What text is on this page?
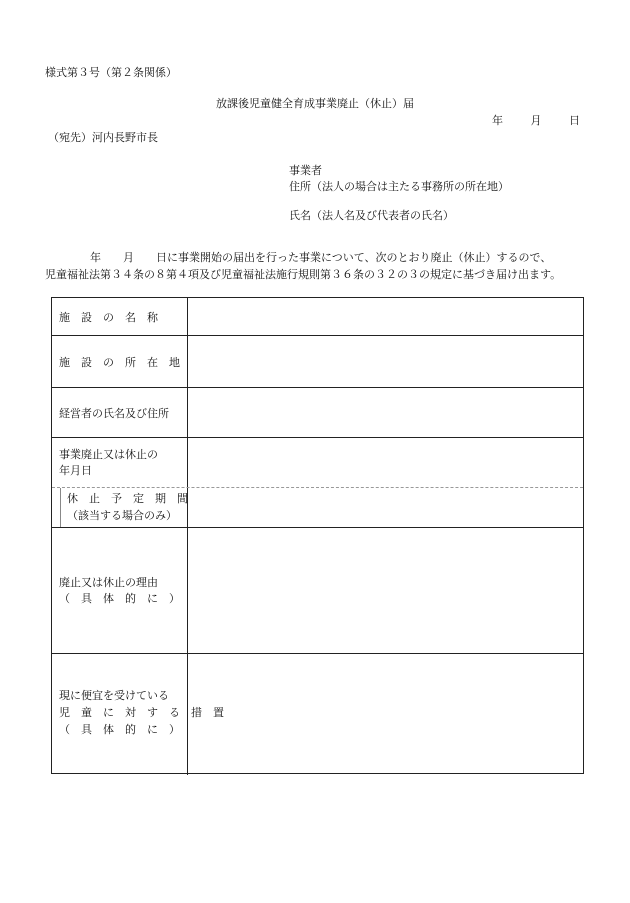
様式第３号（第２条関係）
放課後児童健全育成事業廃止（休止）届
年　　	月　　	日
（宛先）河内長野市長
事業者
住所（法人の場合は主たる事務所の所在地）
氏名（法人名及び代表者の氏名）
年　　月　　日に事業開始の届出を行った事業について、次のとおり廃止（休止）するので、
児童福祉法第３４条の８第４項及び児童福祉法施行規則第３６条の３２の３の規定に基づき届け出ます。
施　設　の　名　称
施　設　の　所　在　地
経営者の氏名及び住所
事業廃止又は休止の
年月日
休　止　予　定　期　間
（該当する場合のみ）
廃止又は休止の理由
（　具　体　的　に　）
現に便宜を受けている
児　童　に　対　す　る　措　置
（　具　体　的　に　）
